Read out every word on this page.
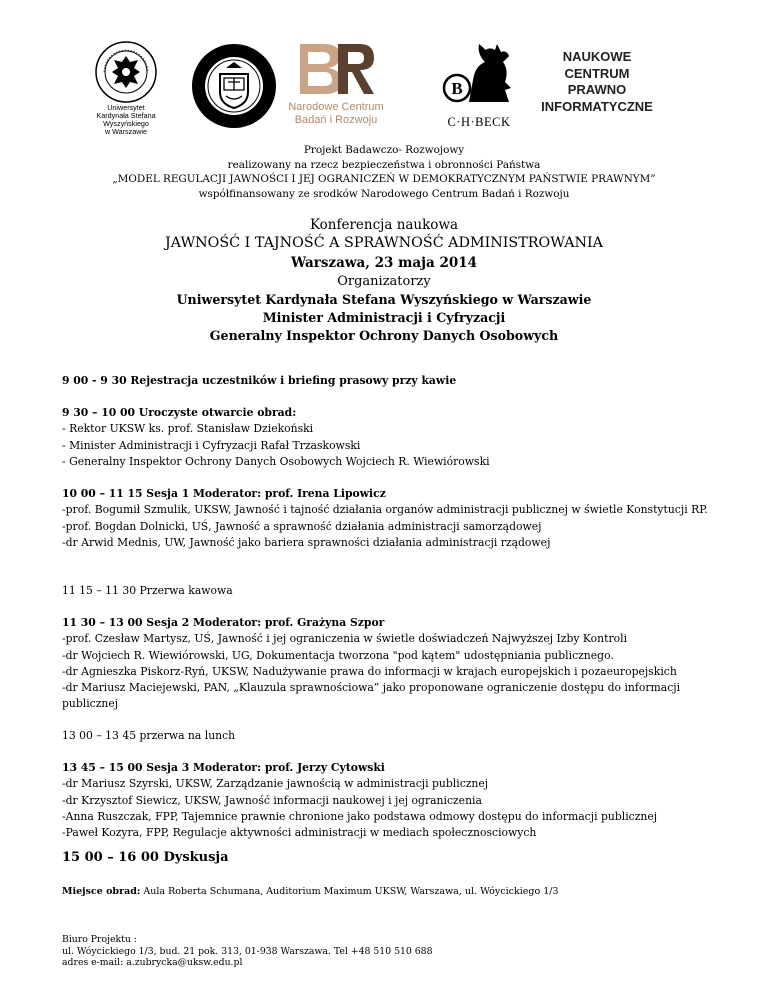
Uniwersytet
Kardynała Stefana Wyszyńskiego
w Warszawie
Narodowe Centrum
Badań i Rozwoju
B
C·H·BECK
NAUKOWE
CENTRUM
PRAWNO
INFORMATYCZNE
Projekt Badawczo- Rozwojowy
realizowany na rzecz bezpieczeństwa i obronności Państwa
„MODEL REGULACJI JAWNOŚCI I JEJ OGRANICZEŃ W DEMOKRATYCZNYM PAŃSTWIE PRAWNYM”
współfinansowany ze srodków Narodowego Centrum Badań i Rozwoju
Konferencja naukowa
JAWNOŚĆ I TAJNOŚĆ A SPRAWNOŚĆ ADMINISTROWANIA
Warszawa, 23 maja 2014
Organizatorzy
Uniwersytet Kardynała Stefana Wyszyńskiego w Warszawie
Minister Administracji i Cyfryzacji
Generalny Inspektor Ochrony Danych Osobowych
9 00 - 9 30 Rejestracja uczestników i briefing prasowy przy kawie
9 30 – 10 00 Uroczyste otwarcie obrad:
- Rektor UKSW ks. prof. Stanisław Dziekoński
- Minister Administracji i Cyfryzacji Rafał Trzaskowski
- Generalny Inspektor Ochrony Danych Osobowych Wojciech R. Wiewiórowski
10 00 – 11 15 Sesja 1 Moderator: prof. Irena Lipowicz
-prof. Bogumił Szmulik, UKSW, Jawność i tajność działania organów administracji publicznej w świetle Konstytucji RP.
-prof. Bogdan Dolnicki, UŚ, Jawność a sprawność działania administracji samorządowej
-dr Arwid Mednis, UW, Jawność jako bariera sprawności działania administracji rządowej
11 15 – 11 30 Przerwa kawowa
11 30 – 13 00 Sesja 2 Moderator: prof. Grażyna Szpor
-prof. Czesław Martysz, UŚ, Jawność i jej ograniczenia w świetle doświadczeń Najwyższej Izby Kontroli
-dr Wojciech R. Wiewiórowski, UG, Dokumentacja tworzona "pod kątem" udostępniania publicznego.
-dr Agnieszka Piskorz-Ryń, UKSW, Nadużywanie prawa do informacji w krajach europejskich i pozaeuropejskich
-dr Mariusz Maciejewski, PAN, „Klauzula sprawnościowa” jako proponowane ograniczenie dostępu do informacji publicznej
13 00 – 13 45 przerwa na lunch
13 45 – 15 00 Sesja 3 Moderator: prof. Jerzy Cytowski
-dr Mariusz Szyrski, UKSW, Zarządzanie jawnością w administracji publicznej
-dr Krzysztof Siewicz, UKSW, Jawność informacji naukowej i jej ograniczenia
-Anna Ruszczak, FPP, Tajemnice prawnie chronione jako podstawa odmowy dostępu do informacji publicznej
-Paweł Kozyra, FPP, Regulacje aktywności administracji w mediach społecznosciowych
15 00 – 16 00 Dyskusja
Miejsce obrad: Aula Roberta Schumana, Auditorium Maximum UKSW, Warszawa, ul. Wóycickiego 1/3
Biuro Projektu :
ul. Wóycickiego 1/3, bud. 21 pok. 313, 01-938 Warszawa. Tel +48 510 510 688
adres e-mail: a.zubrycka@uksw.edu.pl
